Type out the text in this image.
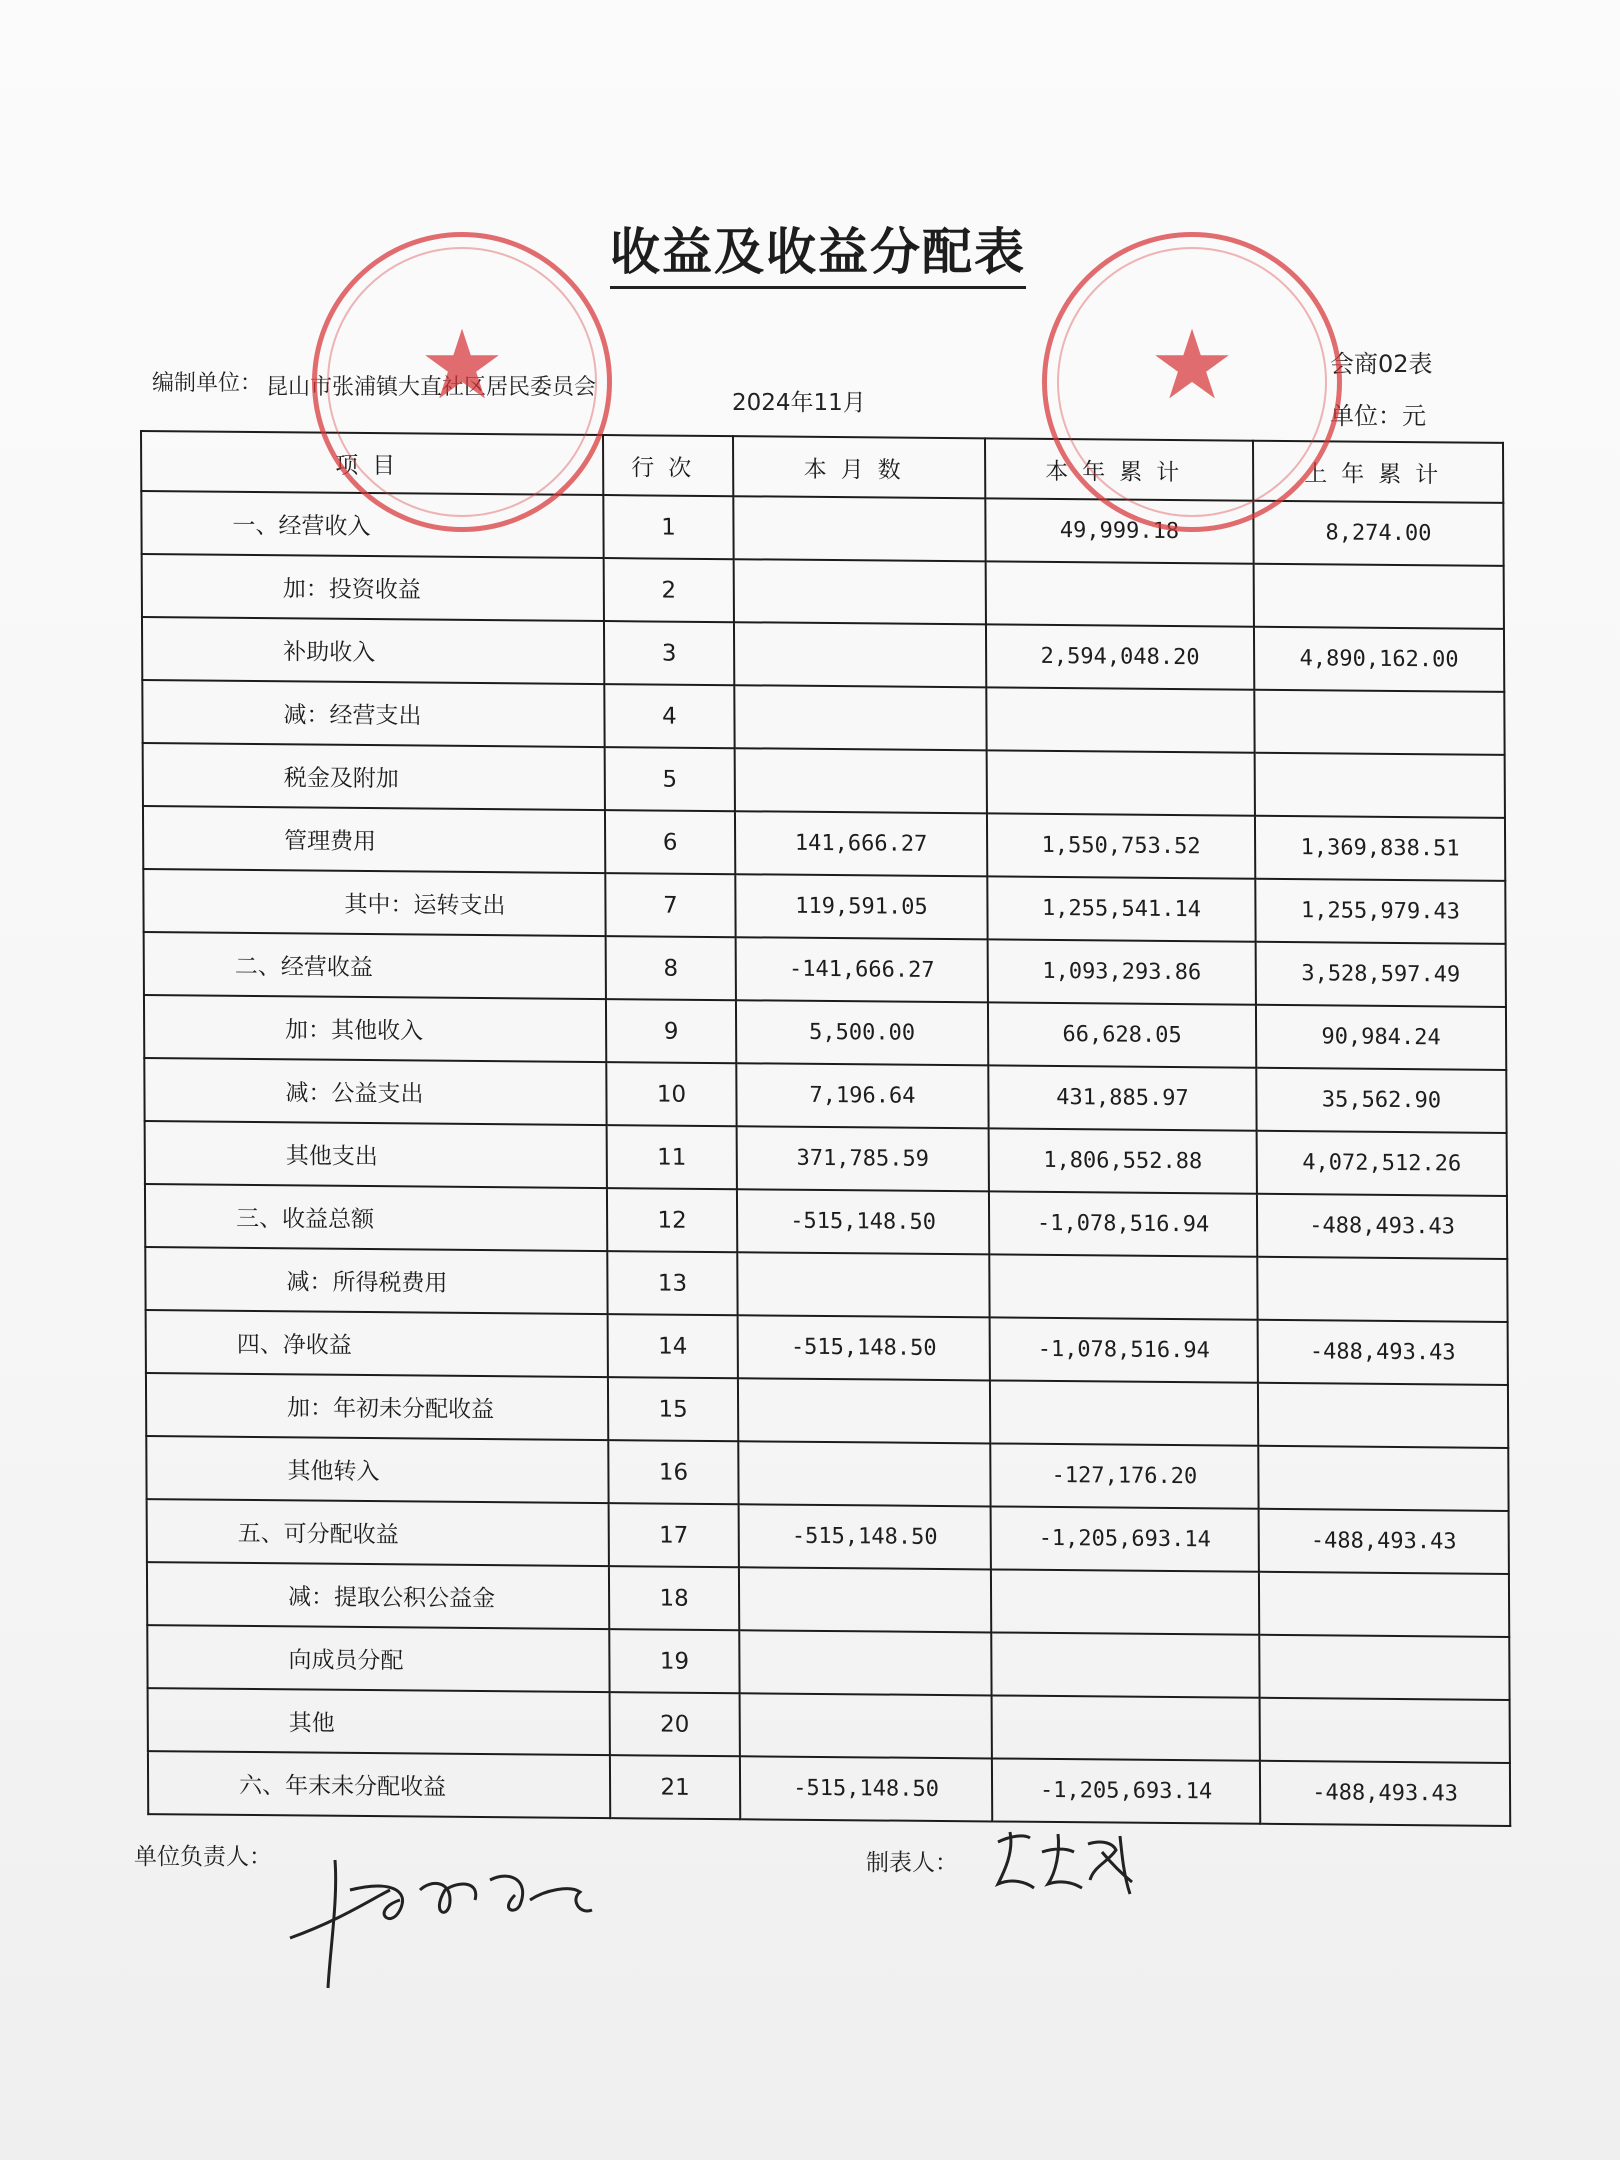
收益及收益分配表
编制单位： 昆山市张浦镇大直社区居民委员会
2024年11月
会商02表
单位：元
项目	行次	本月数	本年累计	上年累计
一、经营收入	1		49,999.18	8,274.00
加：投资收益	2			
补助收入	3		2,594,048.20	4,890,162.00
减：经营支出	4			
税金及附加	5			
管理费用	6	141,666.27	1,550,753.52	1,369,838.51
其中：运转支出	7	119,591.05	1,255,541.14	1,255,979.43
二、经营收益	8	-141,666.27	1,093,293.86	3,528,597.49
加：其他收入	9	5,500.00	66,628.05	90,984.24
减：公益支出	10	7,196.64	431,885.97	35,562.90
其他支出	11	371,785.59	1,806,552.88	4,072,512.26
三、收益总额	12	-515,148.50	-1,078,516.94	-488,493.43
减：所得税费用	13			
四、净收益	14	-515,148.50	-1,078,516.94	-488,493.43
加：年初未分配收益	15			
其他转入	16		-127,176.20	
五、可分配收益	17	-515,148.50	-1,205,693.14	-488,493.43
减：提取公积公益金	18			
向成员分配	19			
其他	20			
六、年末未分配收益	21	-515,148.50	-1,205,693.14	-488,493.43
★	★
单位负责人：	制表人：
